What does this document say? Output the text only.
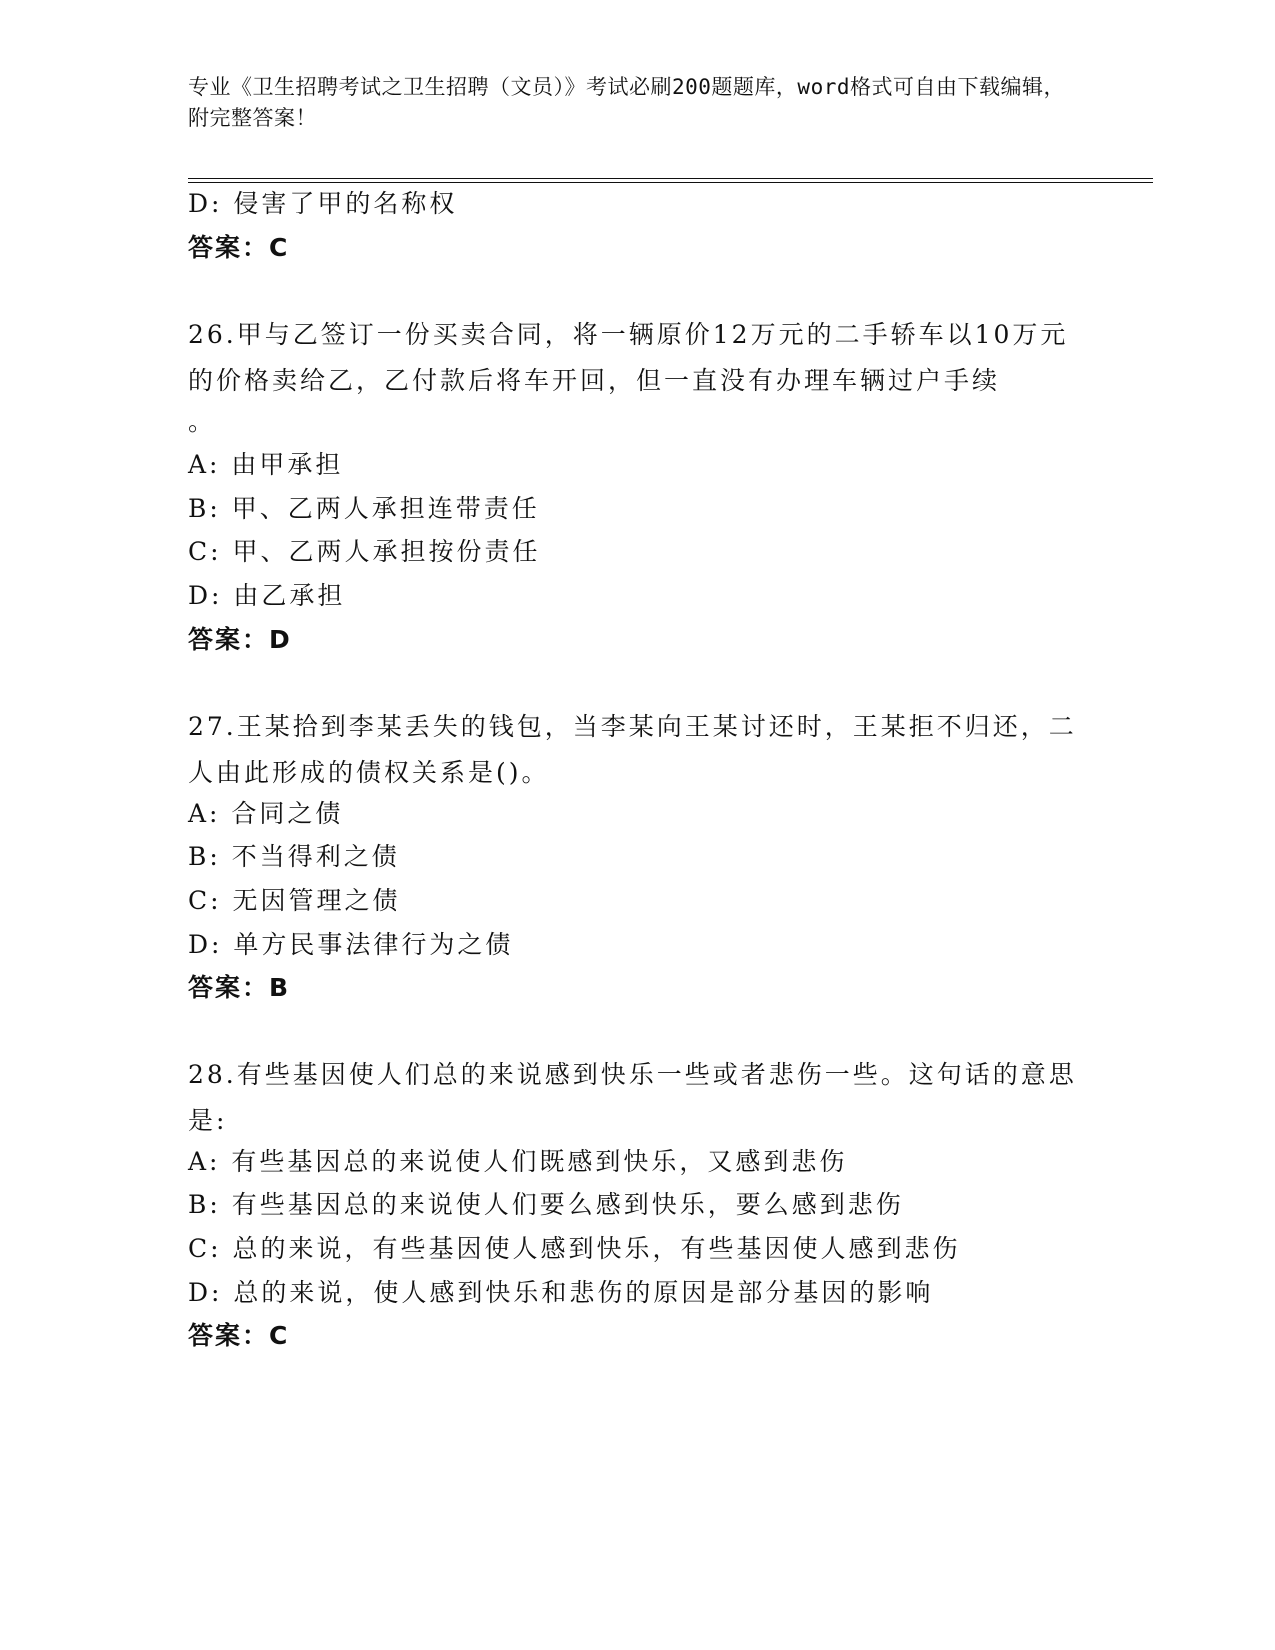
专业《卫生招聘考试之卫生招聘（文员）》考试必刷200题题库，word格式可自由下载编辑，附完整答案！
D: 侵害了甲的名称权
答案：C
26.甲与乙签订一份买卖合同，将一辆原价12万元的二手轿车以10万元的价格卖给乙，乙付款后将车开回，但一直没有办理车辆过户手续
。
A: 由甲承担
B: 甲、乙两人承担连带责任
C: 甲、乙两人承担按份责任
D: 由乙承担
答案：D
27.王某拾到李某丢失的钱包，当李某向王某讨还时，王某拒不归还，二人由此形成的债权关系是()。
A: 合同之债
B: 不当得利之债
C: 无因管理之债
D: 单方民事法律行为之债
答案：B
28.有些基因使人们总的来说感到快乐一些或者悲伤一些。这句话的意思是:
A: 有些基因总的来说使人们既感到快乐，又感到悲伤
B: 有些基因总的来说使人们要么感到快乐，要么感到悲伤
C: 总的来说，有些基因使人感到快乐，有些基因使人感到悲伤
D: 总的来说，使人感到快乐和悲伤的原因是部分基因的影响
答案：C
